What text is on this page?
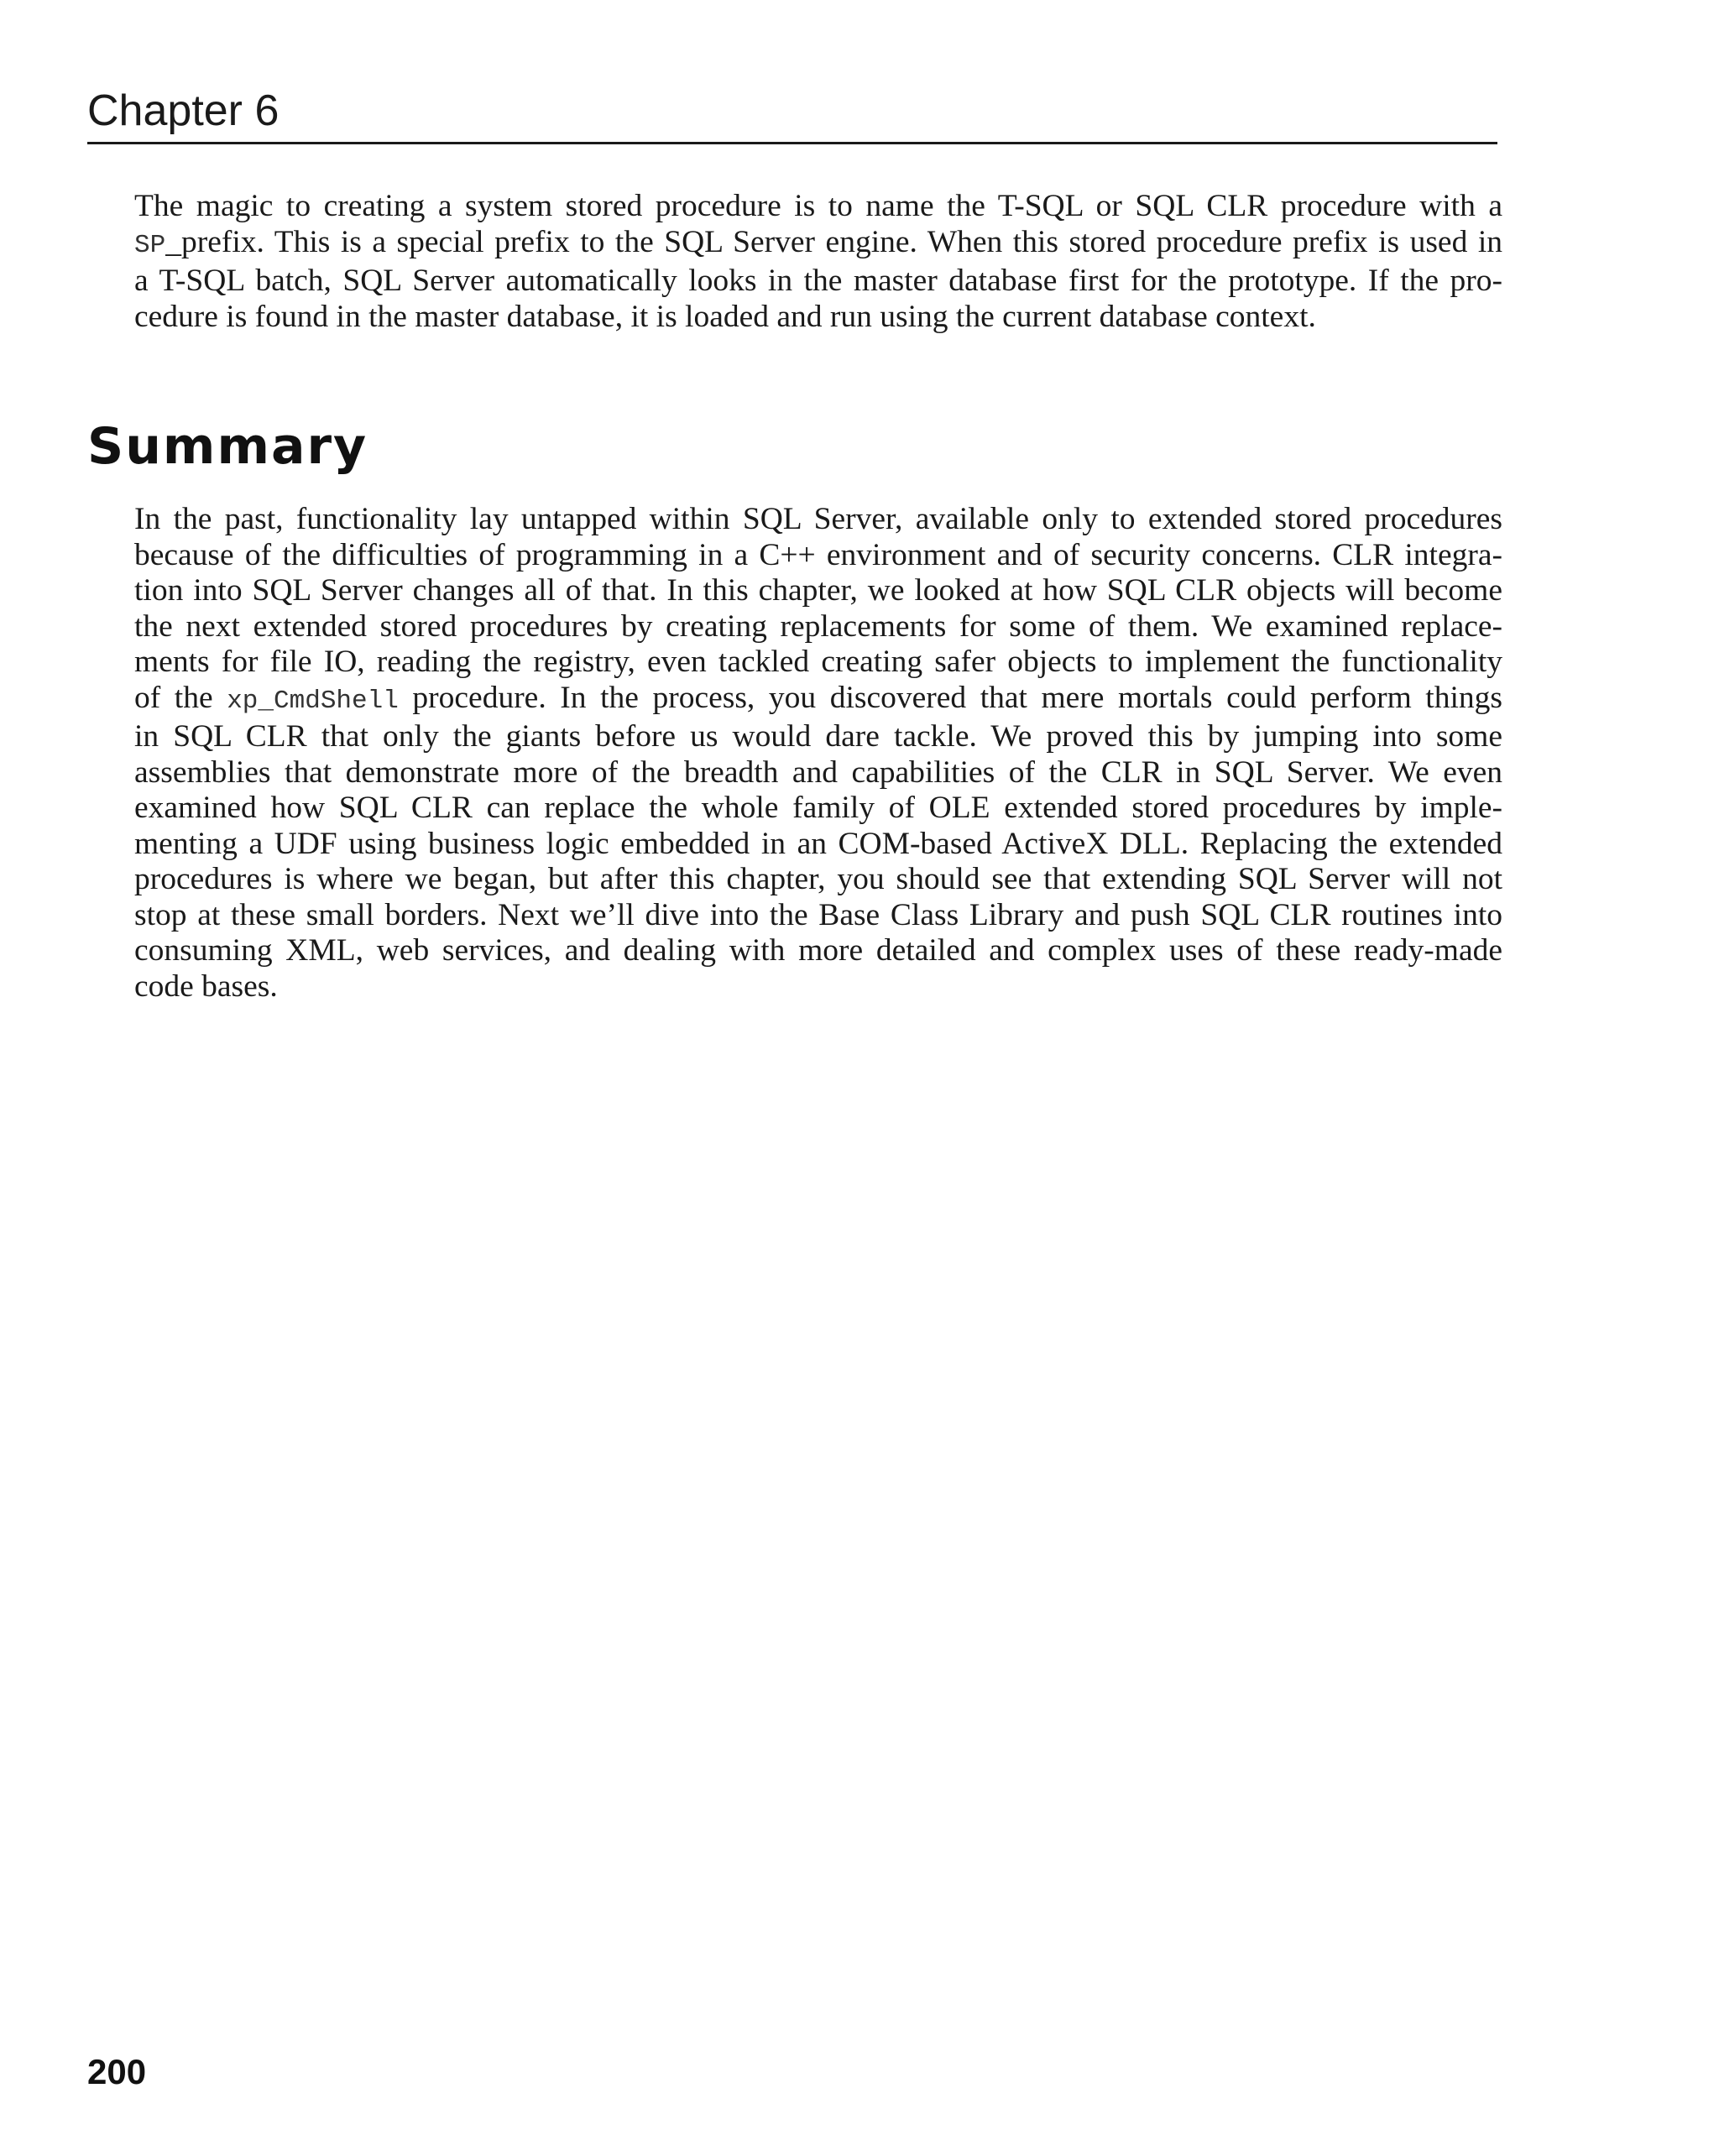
Chapter 6
The magic to creating a system stored procedure is to name the T-SQL or SQL CLR procedure with a
SP_prefix. This is a special prefix to the SQL Server engine. When this stored procedure prefix is used in
a T-SQL batch, SQL Server automatically looks in the master database first for the prototype. If the pro-
cedure is found in the master database, it is loaded and run using the current database context.
Summary
In the past, functionality lay untapped within SQL Server, available only to extended stored procedures
because of the difficulties of programming in a C++ environment and of security concerns. CLR integra-
tion into SQL Server changes all of that. In this chapter, we looked at how SQL CLR objects will become
the next extended stored procedures by creating replacements for some of them. We examined replace-
ments for file IO, reading the registry, even tackled creating safer objects to implement the functionality
of the xp_CmdShell procedure. In the process, you discovered that mere mortals could perform things
in SQL CLR that only the giants before us would dare tackle. We proved this by jumping into some
assemblies that demonstrate more of the breadth and capabilities of the CLR in SQL Server. We even
examined how SQL CLR can replace the whole family of OLE extended stored procedures by imple-
menting a UDF using business logic embedded in an COM-based ActiveX DLL. Replacing the extended
procedures is where we began, but after this chapter, you should see that extending SQL Server will not
stop at these small borders. Next we’ll dive into the Base Class Library and push SQL CLR routines into
consuming XML, web services, and dealing with more detailed and complex uses of these ready-made
code bases.
200
